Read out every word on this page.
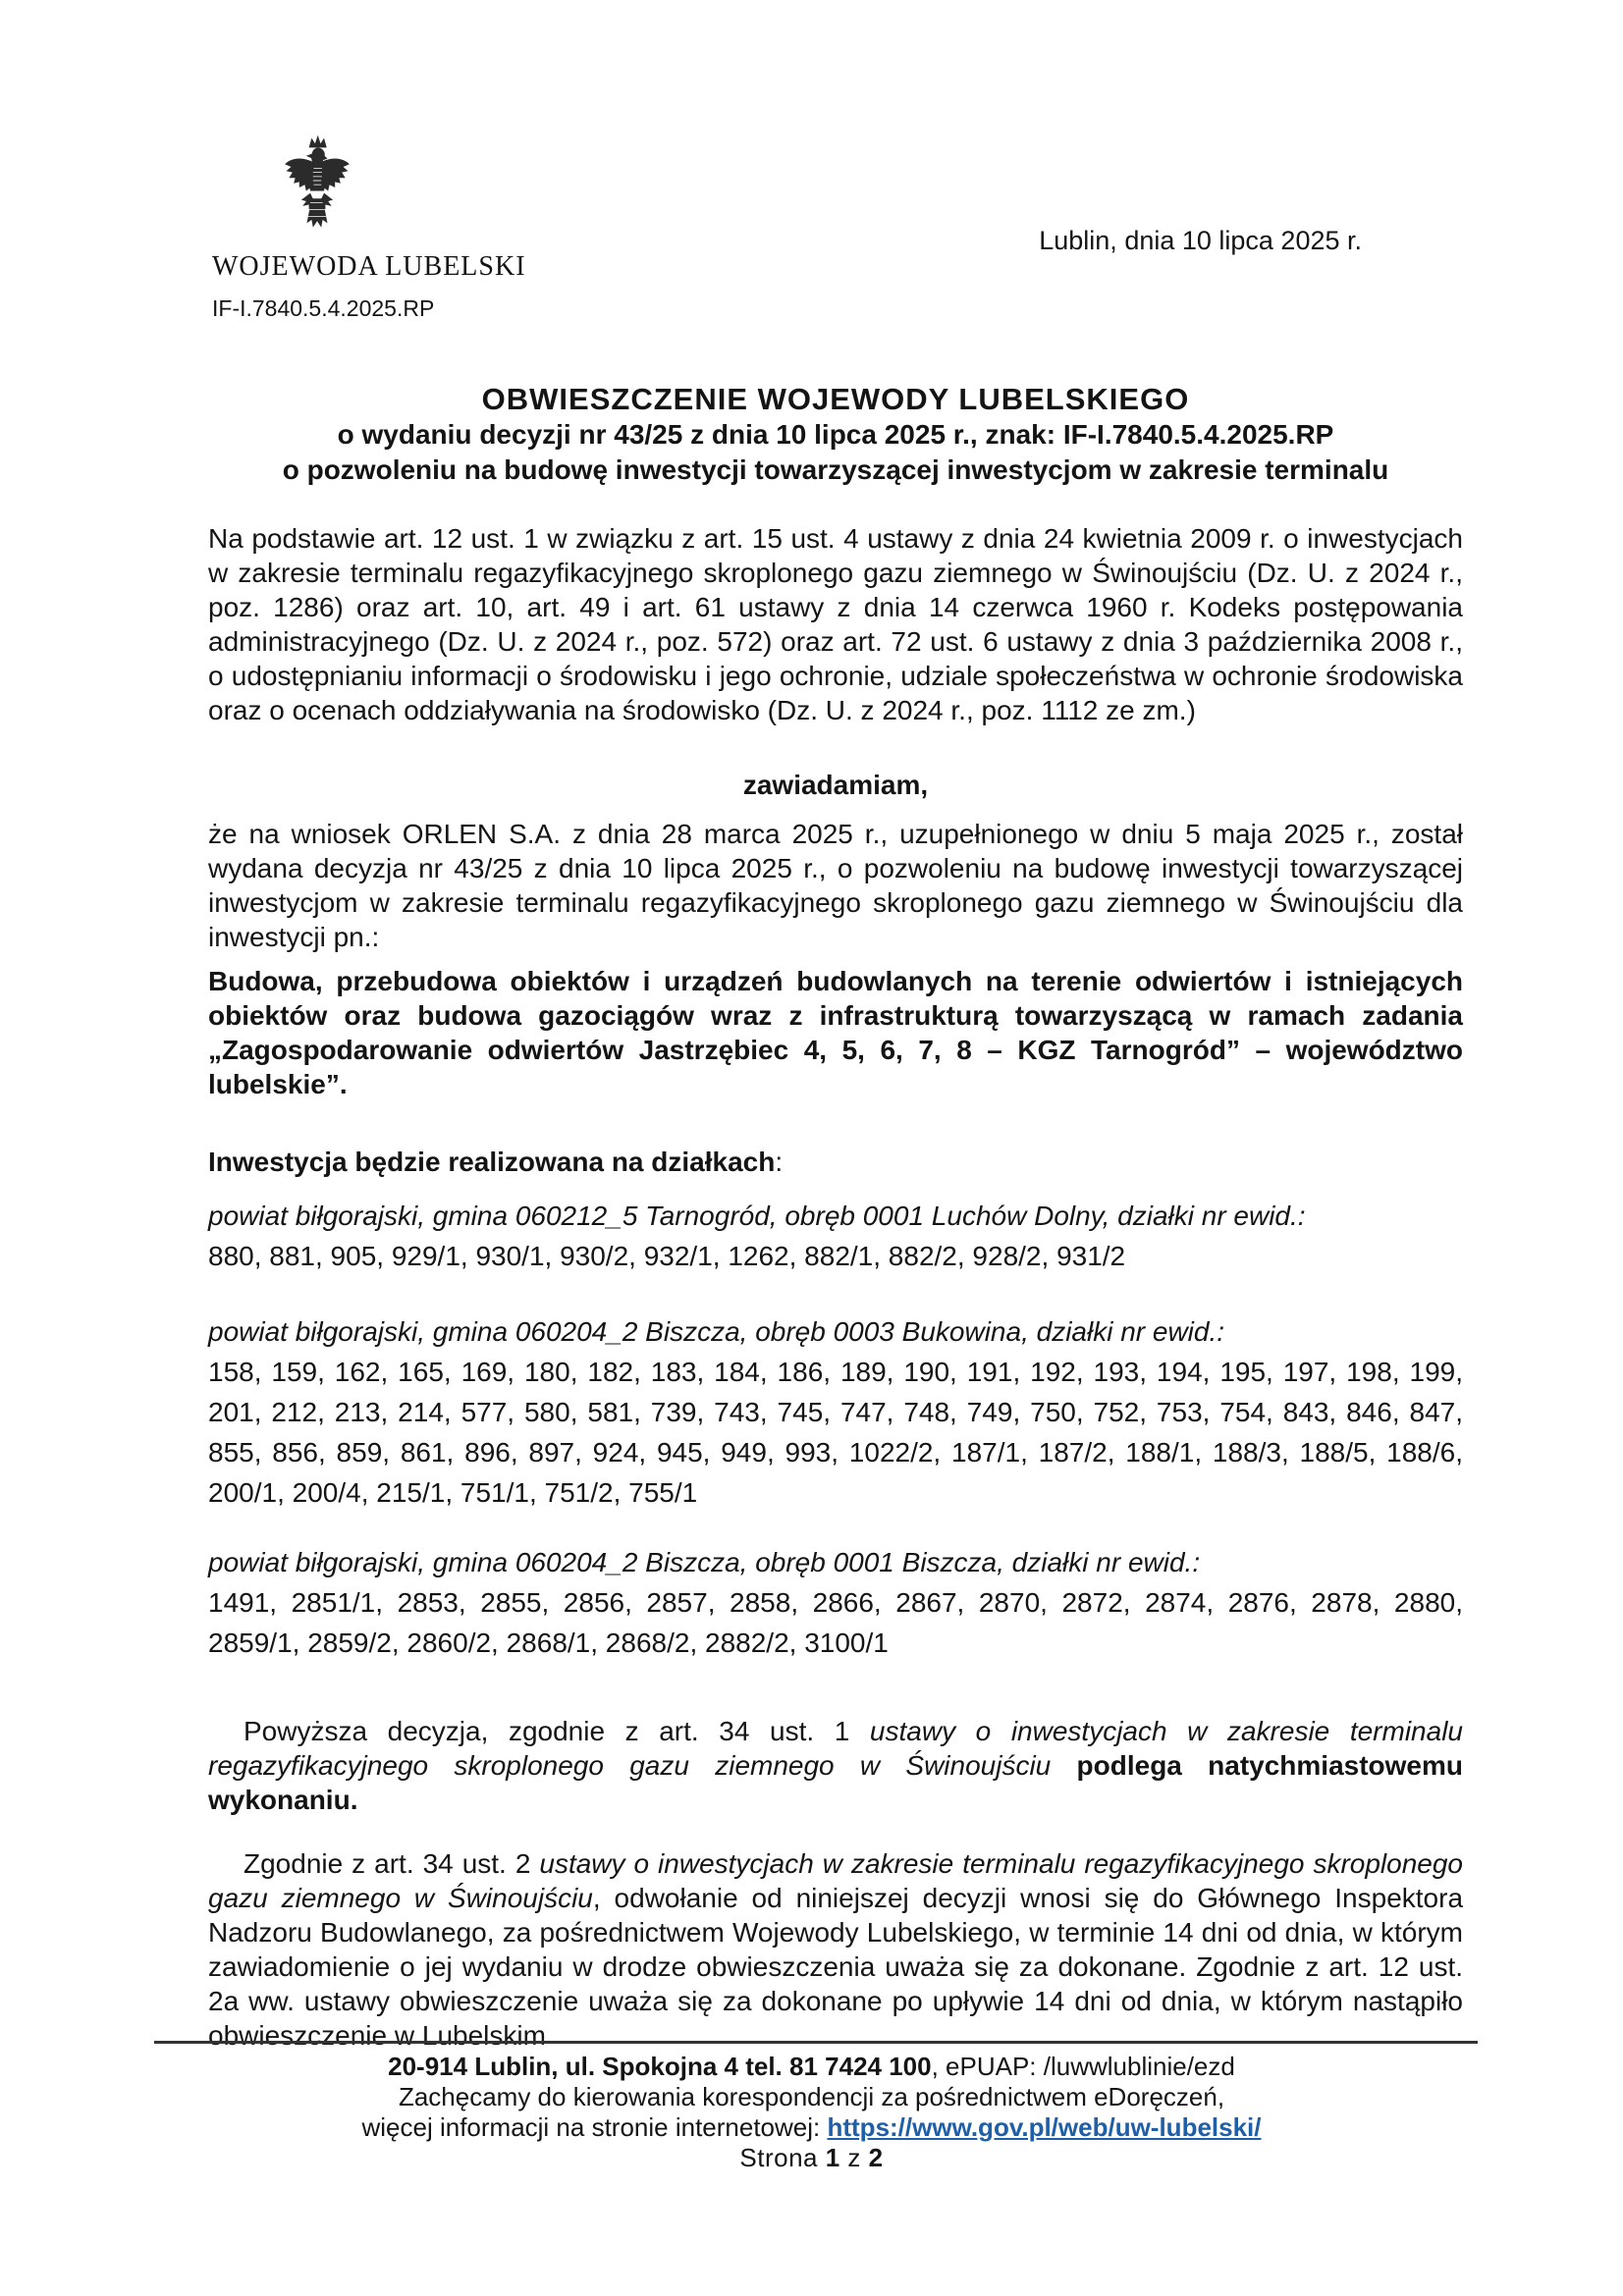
Lublin, dnia 10 lipca 2025 r.
WOJEWODA LUBELSKI
IF-I.7840.5.4.2025.RP
OBWIESZCZENIE WOJEWODY LUBELSKIEGO
o wydaniu decyzji nr 43/25 z dnia 10 lipca 2025 r., znak: IF-I.7840.5.4.2025.RP
o pozwoleniu na budowę inwestycji towarzyszącej inwestycjom w zakresie terminalu
Na podstawie art. 12 ust. 1 w związku z art. 15 ust. 4 ustawy z dnia 24 kwietnia 2009 r. o inwestycjach w zakresie terminalu regazyfikacyjnego skroplonego gazu ziemnego w Świnoujściu (Dz. U. z 2024 r., poz. 1286) oraz art. 10, art. 49 i art. 61 ustawy z dnia 14 czerwca 1960 r. Kodeks postępowania administracyjnego (Dz. U. z 2024 r., poz. 572) oraz art. 72 ust. 6 ustawy z dnia 3 października 2008 r., o udostępnianiu informacji o środowisku i jego ochronie, udziale społeczeństwa w ochronie środowiska oraz o ocenach oddziaływania na środowisko (Dz. U. z 2024 r., poz. 1112 ze zm.)
zawiadamiam,
że na wniosek ORLEN S.A. z dnia 28 marca 2025 r., uzupełnionego w dniu 5 maja 2025 r., został wydana decyzja nr 43/25 z dnia 10 lipca 2025 r., o pozwoleniu na budowę inwestycji towarzyszącej inwestycjom w zakresie terminalu regazyfikacyjnego skroplonego gazu ziemnego w Świnoujściu dla inwestycji pn.:
Budowa, przebudowa obiektów i urządzeń budowlanych na terenie odwiertów i istniejących obiektów oraz budowa gazociągów wraz z infrastrukturą towarzyszącą w ramach zadania „Zagospodarowanie odwiertów Jastrzębiec 4, 5, 6, 7, 8 – KGZ Tarnogród” – województwo lubelskie”.
Inwestycja będzie realizowana na działkach:
powiat biłgorajski, gmina 060212_5 Tarnogród, obręb 0001 Luchów Dolny, działki nr ewid.:
880, 881, 905, 929/1, 930/1, 930/2, 932/1, 1262, 882/1, 882/2, 928/2, 931/2
powiat biłgorajski, gmina 060204_2 Biszcza, obręb 0003 Bukowina, działki nr ewid.:
158, 159, 162, 165, 169, 180, 182, 183, 184, 186, 189, 190, 191, 192, 193, 194, 195, 197, 198, 199, 201, 212, 213, 214, 577, 580, 581, 739, 743, 745, 747, 748, 749, 750, 752, 753, 754, 843, 846, 847, 855, 856, 859, 861, 896, 897, 924, 945, 949, 993, 1022/2, 187/1, 187/2, 188/1, 188/3, 188/5, 188/6, 200/1, 200/4, 215/1, 751/1, 751/2, 755/1
powiat biłgorajski, gmina 060204_2 Biszcza, obręb 0001 Biszcza, działki nr ewid.:
1491, 2851/1, 2853, 2855, 2856, 2857, 2858, 2866, 2867, 2870, 2872, 2874, 2876, 2878, 2880, 2859/1, 2859/2, 2860/2, 2868/1, 2868/2, 2882/2, 3100/1
Powyższa decyzja, zgodnie z art. 34 ust. 1 ustawy o inwestycjach w zakresie terminalu regazyfikacyjnego skroplonego gazu ziemnego w Świnoujściu podlega natychmiastowemu wykonaniu.
Zgodnie z art. 34 ust. 2 ustawy o inwestycjach w zakresie terminalu regazyfikacyjnego skroplonego gazu ziemnego w Świnoujściu, odwołanie od niniejszej decyzji wnosi się do Głównego Inspektora Nadzoru Budowlanego, za pośrednictwem Wojewody Lubelskiego, w terminie 14 dni od dnia, w którym zawiadomienie o jej wydaniu w drodze obwieszczenia uważa się za dokonane. Zgodnie z art. 12 ust. 2a ww. ustawy obwieszczenie uważa się za dokonane po upływie 14 dni od dnia, w którym nastąpiło obwieszczenie w Lubelskim
20-914 Lublin, ul. Spokojna 4 tel. 81 7424 100, ePUAP: /luwwlublinie/ezd
Zachęcamy do kierowania korespondencji za pośrednictwem eDoręczeń,
więcej informacji na stronie internetowej: https://www.gov.pl/web/uw-lubelski/
Strona 1 z 2
